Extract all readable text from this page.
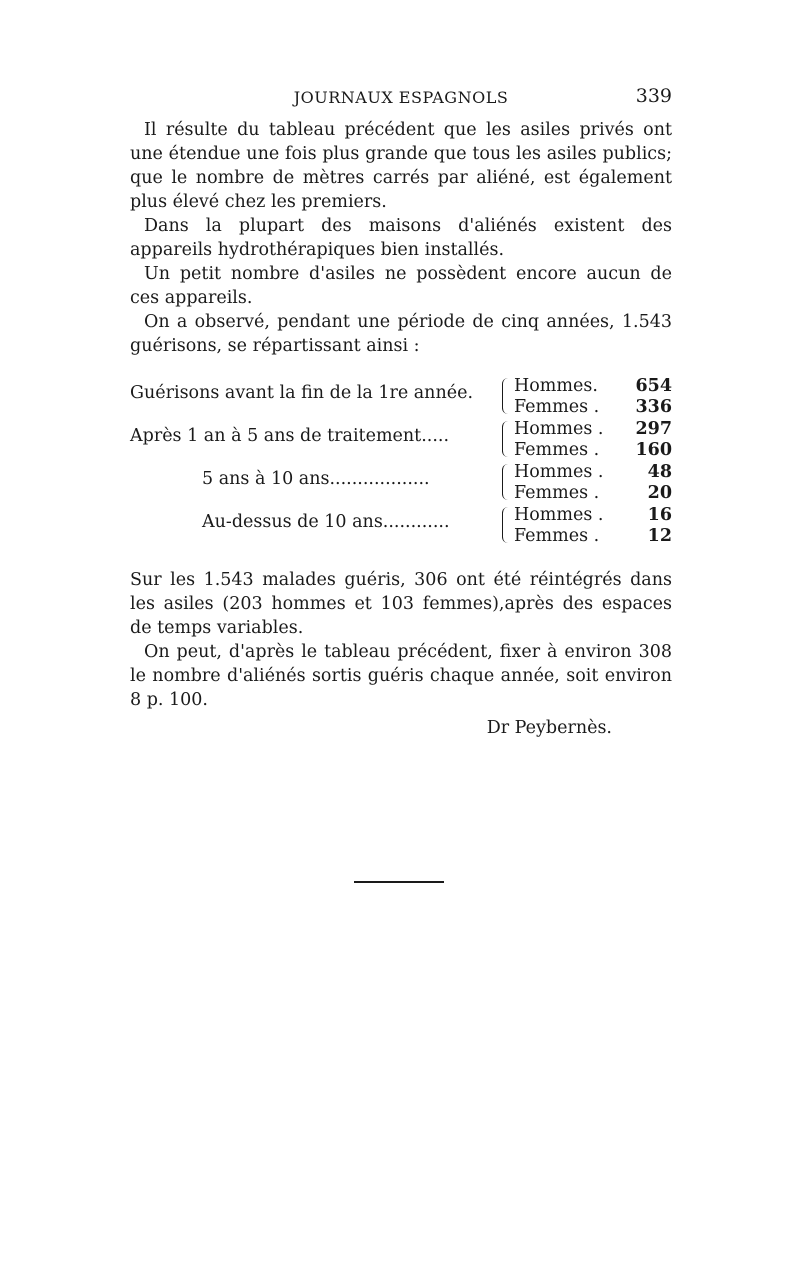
JOURNAUX ESPAGNOLS	339

Il résulte du tableau précédent que les asiles privés ont une étendue une fois plus grande que tous les asiles publics; que le nombre de mètres carrés par aliéné, est également plus élevé chez les premiers.

Dans la plupart des maisons d'aliénés existent des appareils hydrothérapiques bien installés.

Un petit nombre d'asiles ne possèdent encore aucun de ces appareils.

On a observé, pendant une période de cinq années, 1.543 guérisons, se répartissant ainsi :

Guérisons avant la fin de la 1re année. Hommes. 654
Femmes . 336
Après 1 an à 5 ans de traitement.....	Hommes . 297
Femmes . 160
5 ans à 10 ans..................	Hommes .	48
Femmes .	20
Au-dessus de 10 ans............	Hommes .	16
Femmes .	12

Sur les 1.543 malades guéris, 306 ont été réintégrés dans les asiles (203 hommes et 103 femmes),après des espaces de temps variables.

On peut, d'après le tableau précédent, fixer à environ 308 le nombre d'aliénés sortis guéris chaque année, soit environ 8 p. 100.

Dr Peybernès.
